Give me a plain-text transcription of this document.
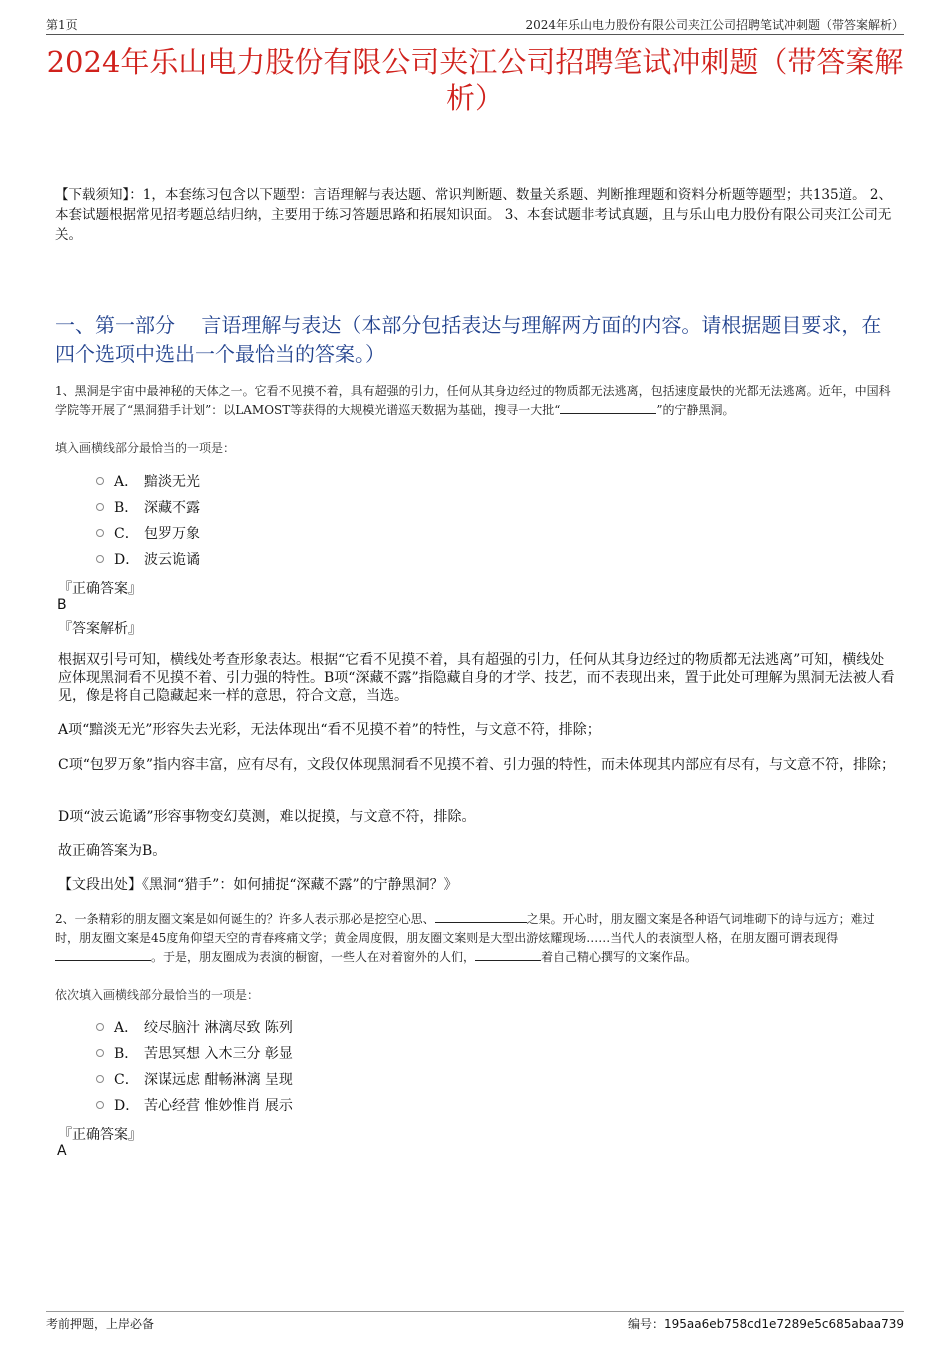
第1页	2024年乐山电力股份有限公司夹江公司招聘笔试冲刺题（带答案解析）
2024年乐山电力股份有限公司夹江公司招聘笔试冲刺题（带答案解析）
【下载须知】：1，本套练习包含以下题型：言语理解与表达题、常识判断题、数量关系题、判断推理题和资料分析题等题型；共135道。 2、本套试题根据常见招考题总结归纳，主要用于练习答题思路和拓展知识面。 3、本套试题非考试真题，且与乐山电力股份有限公司夹江公司无关。
一、第一部分　 言语理解与表达（本部分包括表达与理解两方面的内容。请根据题目要求，在四个选项中选出一个最恰当的答案。）
1、黑洞是宇宙中最神秘的天体之一。它看不见摸不着，具有超强的引力，任何从其身边经过的物质都无法逃离，包括速度最快的光都无法逃离。近年，中国科学院等开展了“黑洞猎手计划”：以LAMOST等获得的大规模光谱巡天数据为基础，搜寻一大批“	”的宁静黑洞。
填入画横线部分最恰当的一项是：
A． 黯淡无光
B． 深藏不露
C． 包罗万象
D． 波云诡谲
『正确答案』
B
『答案解析』
根据双引号可知，横线处考查形象表达。根据“它看不见摸不着，具有超强的引力，任何从其身边经过的物质都无法逃离”可知，横线处应体现黑洞看不见摸不着、引力强的特性。B项“深藏不露”指隐藏自身的才学、技艺，而不表现出来，置于此处可理解为黑洞无法被人看见，像是将自己隐藏起来一样的意思，符合文意，当选。
A项“黯淡无光”形容失去光彩，无法体现出“看不见摸不着”的特性，与文意不符，排除；
C项“包罗万象”指内容丰富，应有尽有，文段仅体现黑洞看不见摸不着、引力强的特性，而未体现其内部应有尽有，与文意不符，排除；
D项“波云诡谲”形容事物变幻莫测，难以捉摸，与文意不符，排除。
故正确答案为B。
【文段出处】《黑洞“猎手”：如何捕捉“深藏不露”的宁静黑洞？》
2、一条精彩的朋友圈文案是如何诞生的？许多人表示那必是挖空心思、	之果。开心时，朋友圈文案是各种语气词堆砌下的诗与远方；难过时，朋友圈文案是45度角仰望天空的青春疼痛文学；黄金周度假，朋友圈文案则是大型出游炫耀现场……当代人的表演型人格，在朋友圈可谓表现得。于是，朋友圈成为表演的橱窗，一些人在对着窗外的人们，	着自己精心撰写的文案作品。
依次填入画横线部分最恰当的一项是：
A． 绞尽脑汁 淋漓尽致 陈列
B． 苦思冥想 入木三分 彰显
C． 深谋远虑 酣畅淋漓 呈现
D． 苦心经营 惟妙惟肖 展示
『正确答案』
A
考前押题，上岸必备	编号：195aa6eb758cd1e7289e5c685abaa739
